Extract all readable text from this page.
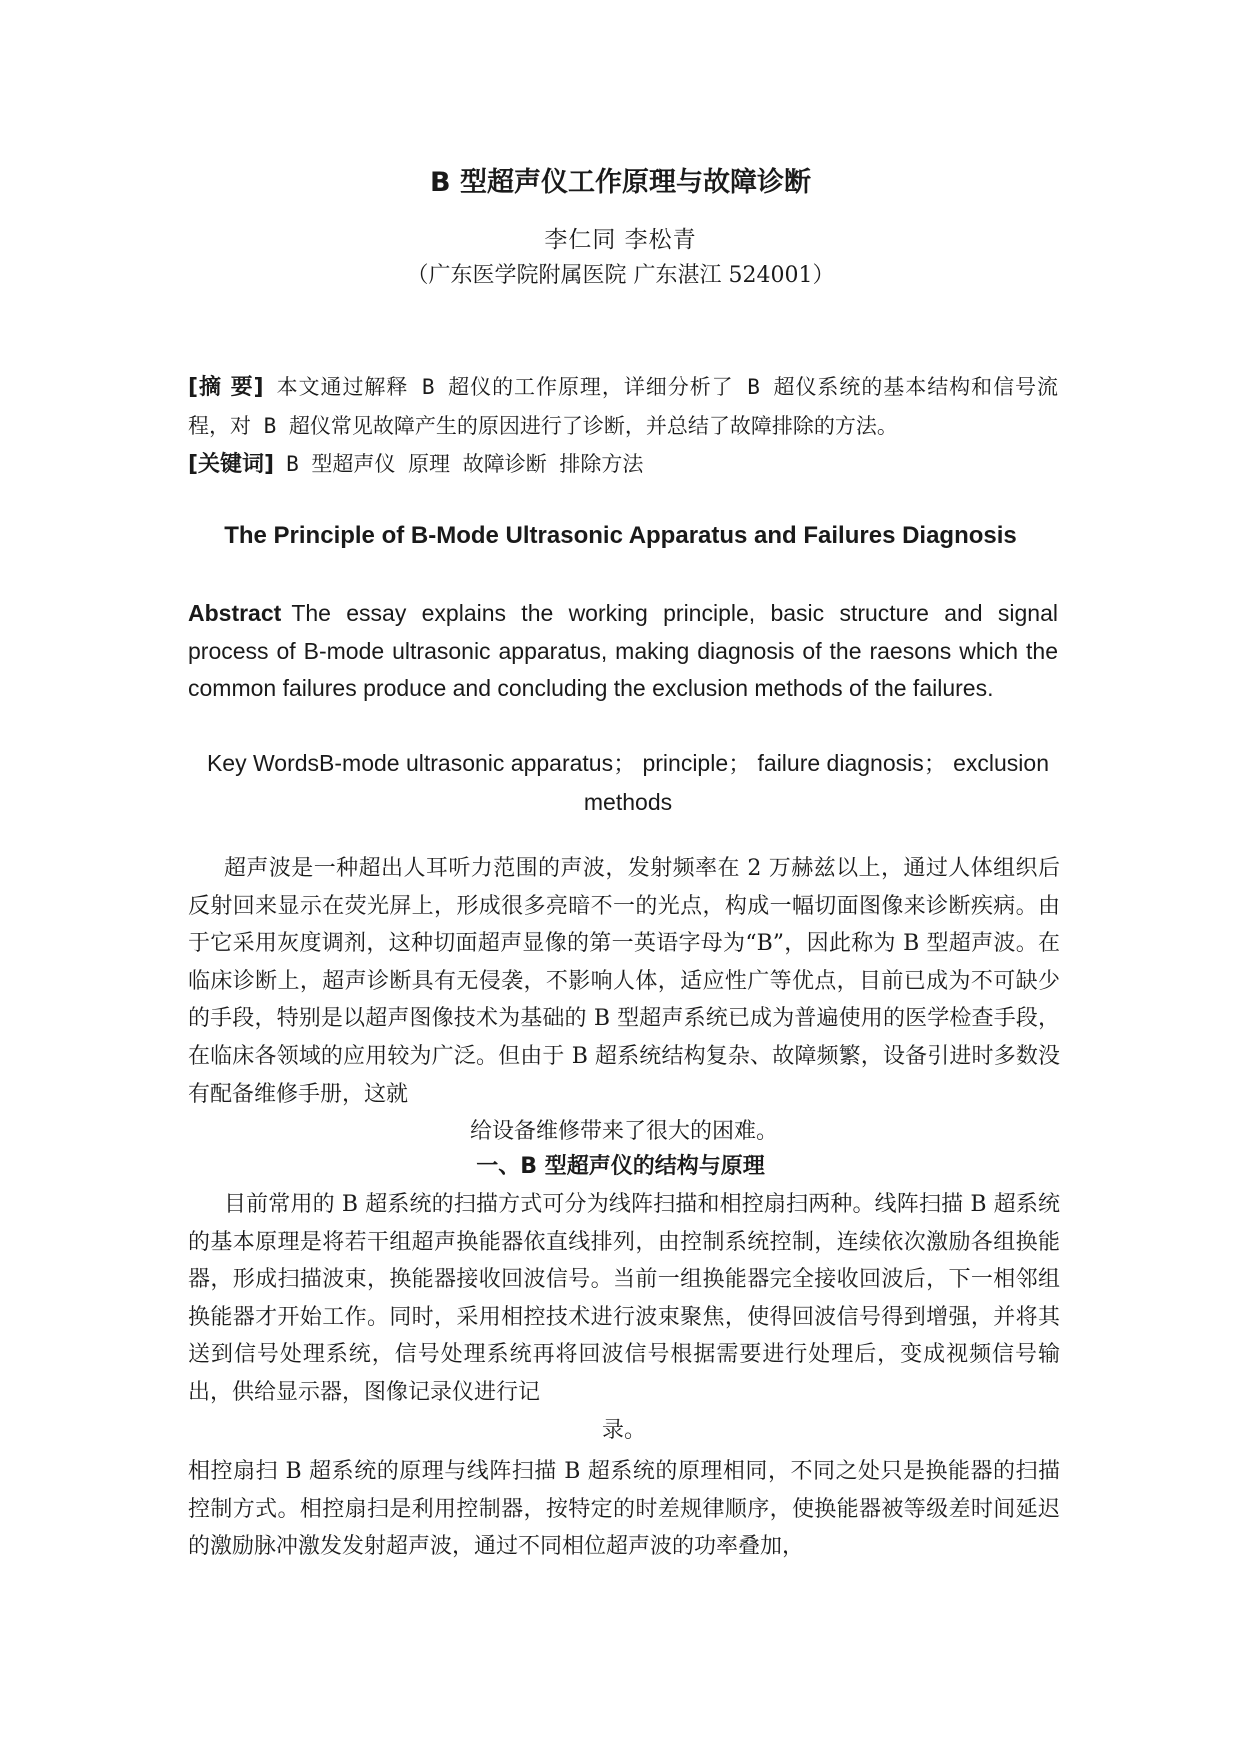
B 型超声仪工作原理与故障诊断
李仁同 李松青
（广东医学院附属医院 广东湛江 524001）
[摘 要] 本文通过解释 B 超仪的工作原理，详细分析了 B 超仪系统的基本结构和信号流程，对 B 超仪常见故障产生的原因进行了诊断，并总结了故障排除的方法。
[关键词] B 型超声仪 原理 故障诊断 排除方法
The Principle of B-Mode Ultrasonic Apparatus and Failures Diagnosis
Abstract The essay explains the working principle, basic structure and signal process of B-mode ultrasonic apparatus, making diagnosis of the raesons which the common failures produce and concluding the exclusion methods of the failures.
Key WordsB-mode ultrasonic apparatus； principle； failure diagnosis； exclusion methods
超声波是一种超出人耳听力范围的声波，发射频率在 2 万赫兹以上，通过人体组织后反射回来显示在荧光屏上，形成很多亮暗不一的光点，构成一幅切面图像来诊断疾病。由于它采用灰度调剂，这种切面超声显像的第一英语字母为“B”，因此称为 B 型超声波。在临床诊断上，超声诊断具有无侵袭，不影响人体，适应性广等优点，目前已成为不可缺少的手段，特别是以超声图像技术为基础的 B 型超声系统已成为普遍使用的医学检查手段，在临床各领域的应用较为广泛。但由于 B 超系统结构复杂、故障频繁，设备引进时多数没有配备维修手册，这就
给设备维修带来了很大的困难。
一、B 型超声仪的结构与原理
目前常用的 B 超系统的扫描方式可分为线阵扫描和相控扇扫两种。线阵扫描 B 超系统的基本原理是将若干组超声换能器依直线排列，由控制系统控制，连续依次激励各组换能器，形成扫描波束，换能器接收回波信号。当前一组换能器完全接收回波后，下一相邻组换能器才开始工作。同时，采用相控技术进行波束聚焦，使得回波信号得到增强，并将其送到信号处理系统，信号处理系统再将回波信号根据需要进行处理后，变成视频信号输出，供给显示器，图像记录仪进行记
录。
相控扇扫 B 超系统的原理与线阵扫描 B 超系统的原理相同，不同之处只是换能器的扫描控制方式。相控扇扫是利用控制器，按特定的时差规律顺序，使换能器被等级差时间延迟的激励脉冲激发发射超声波，通过不同相位超声波的功率叠加，
